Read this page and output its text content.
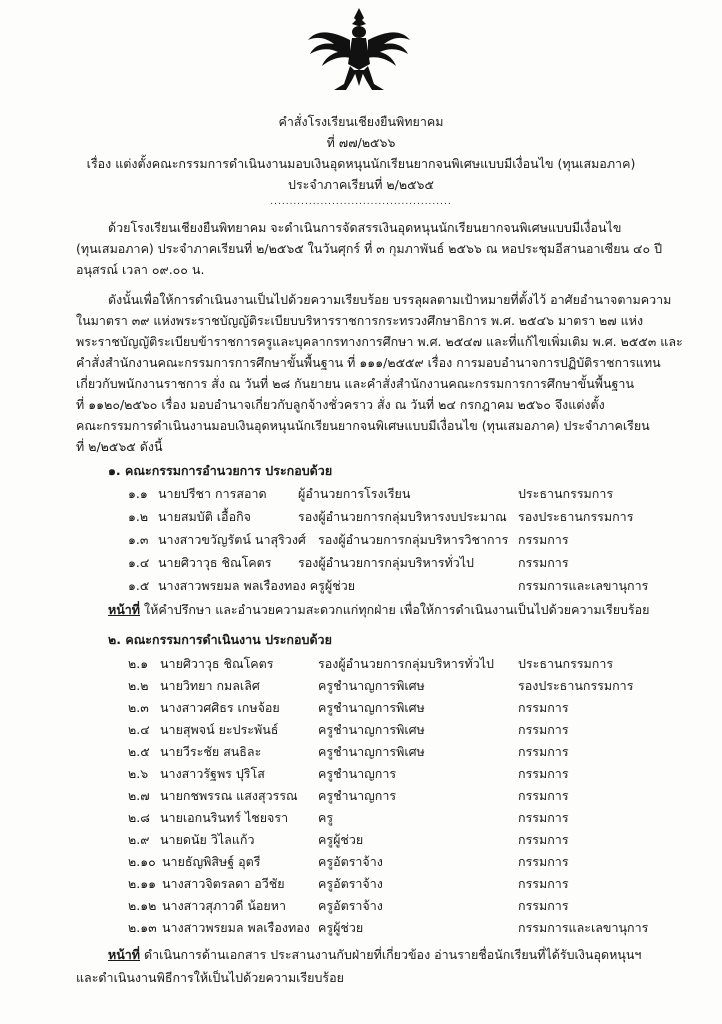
คำสั่งโรงเรียนเชียงยืนพิทยาคม
ที่ ๗๗/๒๕๖๖
เรื่อง แต่งตั้งคณะกรรมการดำเนินงานมอบเงินอุดหนุนนักเรียนยากจนพิเศษแบบมีเงื่อนไข (ทุนเสมอภาค)
ประจำภาคเรียนที่ ๒/๒๕๖๕
...............................................
ด้วยโรงเรียนเชียงยืนพิทยาคม จะดำเนินการจัดสรรเงินอุดหนุนนักเรียนยากจนพิเศษแบบมีเงื่อนไข
(ทุนเสมอภาค) ประจำภาคเรียนที่ ๒/๒๕๖๕ ในวันศุกร์ ที่ ๓ กุมภาพันธ์ ๒๕๖๖ ณ หอประชุมอีสานอาเซียน ๔๐ ปี
อนุสรณ์ เวลา ๐๙.๐๐ น.
ดังนั้นเพื่อให้การดำเนินงานเป็นไปด้วยความเรียบร้อย บรรลุผลตามเป้าหมายที่ตั้งไว้ อาศัยอำนาจตามความ
ในมาตรา ๓๙ แห่งพระราชบัญญัติระเบียบบริหารราชการกระทรวงศึกษาธิการ พ.ศ. ๒๕๔๖ มาตรา ๒๗ แห่ง
พระราชบัญญัติระเบียบข้าราชการครูและบุคลากรทางการศึกษา พ.ศ. ๒๕๔๗ และที่แก้ไขเพิ่มเติม พ.ศ. ๒๕๕๓ และ
คำสั่งสำนักงานคณะกรรมการการศึกษาขั้นพื้นฐาน ที่ ๑๑๑/๒๕๕๙ เรื่อง การมอบอำนาจการปฏิบัติราชการแทน
เกี่ยวกับพนักงานราชการ สั่ง ณ วันที่ ๒๘ กันยายน และคำสั่งสำนักงานคณะกรรมการการศึกษาขั้นพื้นฐาน
ที่ ๑๑๒๐/๒๕๖๐ เรื่อง มอบอำนาจเกี่ยวกับลูกจ้างชั่วคราว สั่ง ณ วันที่ ๒๔ กรกฎาคม ๒๕๖๐ จึงแต่งตั้ง
คณะกรรมการดำเนินงานมอบเงินอุดหนุนนักเรียนยากจนพิเศษแบบมีเงื่อนไข (ทุนเสมอภาค) ประจำภาคเรียน
ที่ ๒/๒๕๖๕ ดังนี้
๑. คณะกรรมการอำนวยการ ประกอบด้วย
๑.๑ นายปรีชา การสอาด	ผู้อำนวยการโรงเรียน	ประธานกรรมการ
๑.๒ นายสมบัติ เอื้อกิจ	รองผู้อำนวยการกลุ่มบริหารงบประมาณ รองประธานกรรมการ
๑.๓ นางสาวขวัญรัตน์ นาสุริวงศ์ รองผู้อำนวยการกลุ่มบริหารวิชาการ กรรมการ
๑.๔ นายศิวาวุธ ชิณโคตร รองผู้อำนวยการกลุ่มบริหารทั่วไป	กรรมการ
๑.๕ นางสาวพรยมล พลเรืองทอง ครูผู้ช่วย	กรรมการและเลขานุการ
หน้าที่ ให้คำปรึกษา และอำนวยความสะดวกแก่ทุกฝ่าย เพื่อให้การดำเนินงานเป็นไปด้วยความเรียบร้อย
๒. คณะกรรมการดำเนินงาน ประกอบด้วย
๒.๑ นายศิวาวุธ ชิณโคตร	รองผู้อำนวยการกลุ่มบริหารทั่วไป ประธานกรรมการ
๒.๒ นายวิทยา กมลเลิศ	ครูชำนาญการพิเศษ	รองประธานกรรมการ
๒.๓ นางสาวศศิธร เกษจ้อย	ครูชำนาญการพิเศษ	กรรมการ
๒.๔ นายสุพจน์ ยะประพันธ์	ครูชำนาญการพิเศษ	กรรมการ
๒.๕ นายวีระชัย สนธิละ	ครูชำนาญการพิเศษ	กรรมการ
๒.๖ นางสาวรัฐพร ปุริโส	ครูชำนาญการ	กรรมการ
๒.๗ นายกชพรรณ แสงสุวรรณ ครูชำนาญการ	กรรมการ
๒.๘ นายเอกนรินทร์ ไชยจรา ครู	กรรมการ
๒.๙ นายดนัย วิไลแก้ว	ครูผู้ช่วย	กรรมการ
๒.๑๐ นายธัญพิสิษฐ์ อุตรี	ครูอัตราจ้าง	กรรมการ
๒.๑๑ นางสาวจิตรลดา อวีชัย	ครูอัตราจ้าง	กรรมการ
๒.๑๒ นางสาวสุภาวดี น้อยหา	ครูอัตราจ้าง	กรรมการ
๒.๑๓ นางสาวพรยมล พลเรืองทอง ครูผู้ช่วย	กรรมการและเลขานุการ
หน้าที่ ดำเนินการด้านเอกสาร ประสานงานกับฝ่ายที่เกี่ยวข้อง อ่านรายชื่อนักเรียนที่ได้รับเงินอุดหนุนฯ
และดำเนินงานพิธีการให้เป็นไปด้วยความเรียบร้อย
